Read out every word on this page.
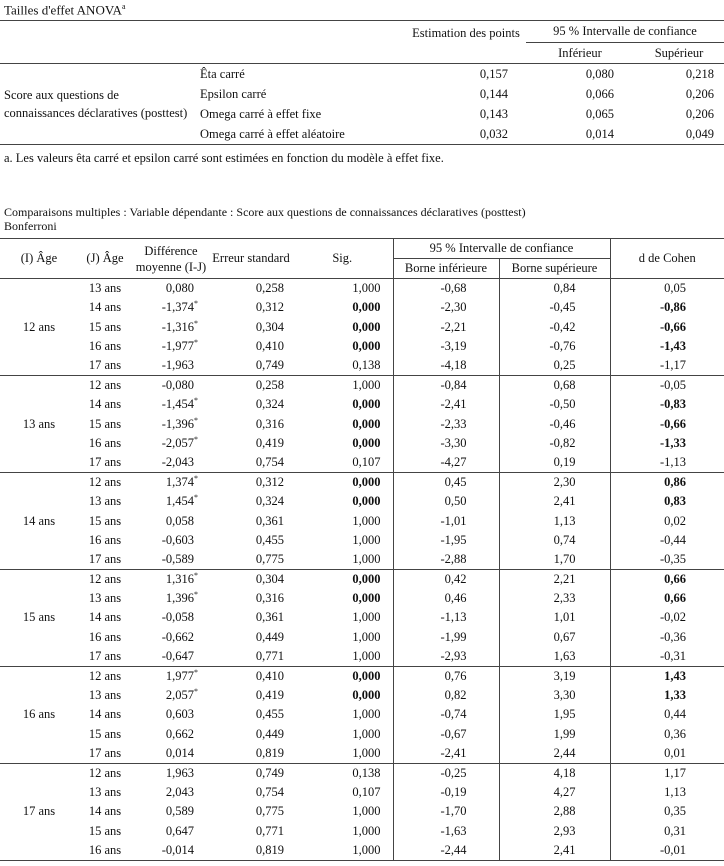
Tailles d'effet ANOVA$^a$
		Estimation des points	95 % Intervalle de confiance	
			Inférieur	Supérieur
Score aux questions de connaissances déclaratives (posttest)	Êta carré	0,157	0,080	0,218
	Epsilon carré	0,144	0,066	0,206
	Omega carré à effet fixe	0,143	0,065	0,206
	Omega carré à effet aléatoire	0,032	0,014	0,049
a. Les valeurs êta carré et epsilon carré sont estimées en fonction du modèle à effet fixe.
Comparaisons multiples : Variable dépendante : Score aux questions de connaissances déclaratives (posttest)
Bonferroni
(I) Âge	(J) Âge	Différence moyenne (I-J)	Erreur standard	Sig.	95 % Intervalle de confiance		d de Cohen
					Borne inférieure	Borne supérieure	
12 ans	13 ans	0,080	0,258	1,000	-0,68	0,84	0,05
	14 ans	-1,374*	0,312	0,000	-2,30	-0,45	-0,86
	15 ans	-1,316*	0,304	0,000	-2,21	-0,42	-0,66
	16 ans	-1,977*	0,410	0,000	-3,19	-0,76	-1,43
	17 ans	-1,963	0,749	0,138	-4,18	0,25	-1,17
13 ans	12 ans	-0,080	0,258	1,000	-0,84	0,68	-0,05
	14 ans	-1,454*	0,324	0,000	-2,41	-0,50	-0,83
	15 ans	-1,396*	0,316	0,000	-2,33	-0,46	-0,66
	16 ans	-2,057*	0,419	0,000	-3,30	-0,82	-1,33
	17 ans	-2,043	0,754	0,107	-4,27	0,19	-1,13
14 ans	12 ans	1,374*	0,312	0,000	0,45	2,30	0,86
	13 ans	1,454*	0,324	0,000	0,50	2,41	0,83
	15 ans	0,058	0,361	1,000	-1,01	1,13	0,02
	16 ans	-0,603	0,455	1,000	-1,95	0,74	-0,44
	17 ans	-0,589	0,775	1,000	-2,88	1,70	-0,35
15 ans	12 ans	1,316*	0,304	0,000	0,42	2,21	0,66
	13 ans	1,396*	0,316	0,000	0,46	2,33	0,66
	14 ans	-0,058	0,361	1,000	-1,13	1,01	-0,02
	16 ans	-0,662	0,449	1,000	-1,99	0,67	-0,36
	17 ans	-0,647	0,771	1,000	-2,93	1,63	-0,31
16 ans	12 ans	1,977*	0,410	0,000	0,76	3,19	1,43
	13 ans	2,057*	0,419	0,000	0,82	3,30	1,33
	14 ans	0,603	0,455	1,000	-0,74	1,95	0,44
	15 ans	0,662	0,449	1,000	-0,67	1,99	0,36
	17 ans	0,014	0,819	1,000	-2,41	2,44	0,01
17 ans	12 ans	1,963	0,749	0,138	-0,25	4,18	1,17
	13 ans	2,043	0,754	0,107	-0,19	4,27	1,13
	14 ans	0,589	0,775	1,000	-1,70	2,88	0,35
	15 ans	0,647	0,771	1,000	-1,63	2,93	0,31
	16 ans	-0,014	0,819	1,000	-2,44	2,41	-0,01
